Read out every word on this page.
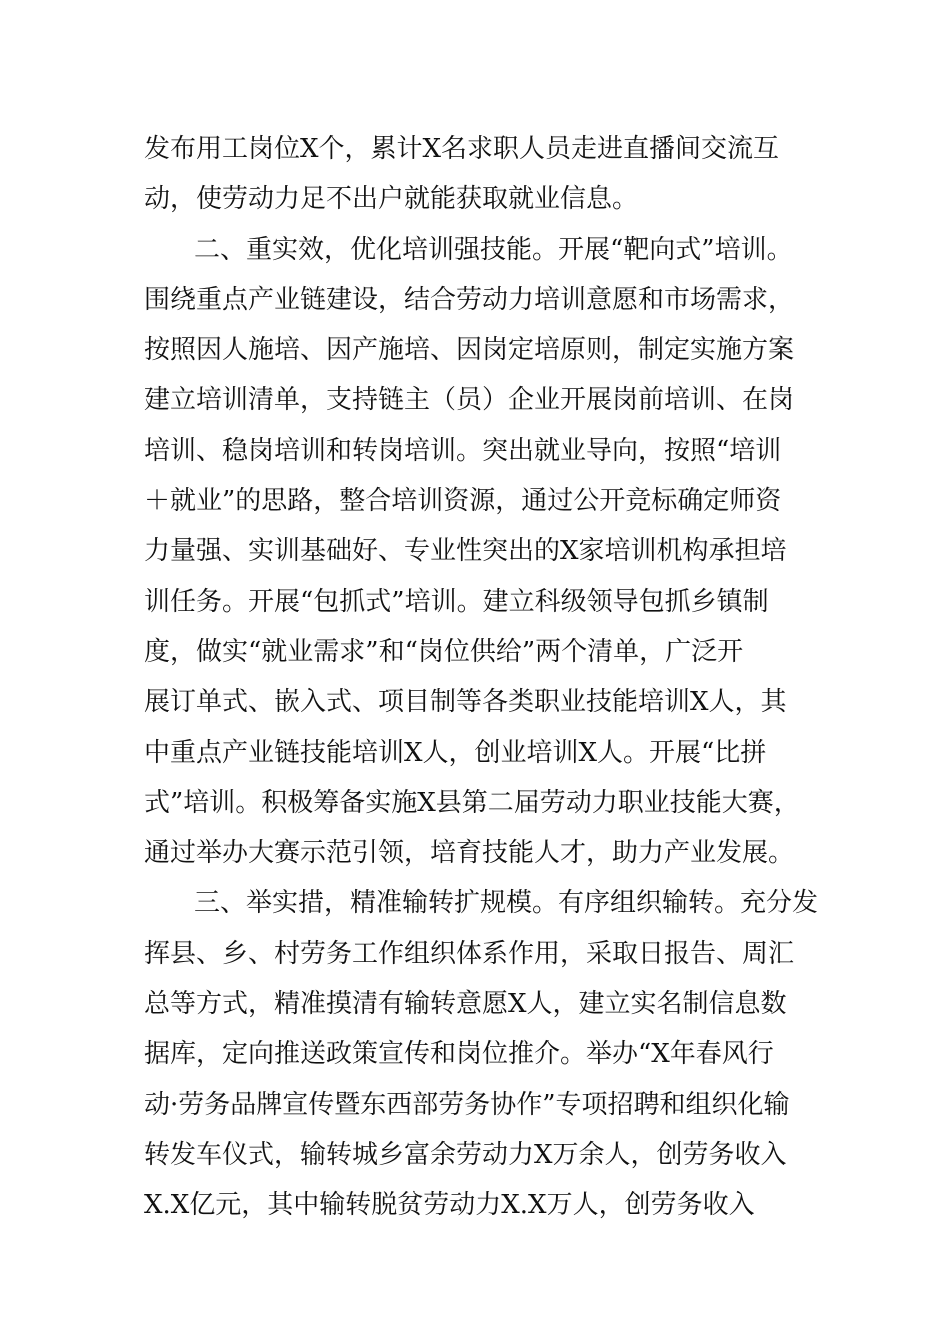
发布用工岗位X个，累计X名求职人员走进直播间交流互
动，使劳动力足不出户就能获取就业信息。
二、重实效，优化培训强技能。开展“靶向式”培训。
围绕重点产业链建设，结合劳动力培训意愿和市场需求，
按照因人施培、因产施培、因岗定培原则，制定实施方案
建立培训清单，支持链主（员）企业开展岗前培训、在岗
培训、稳岗培训和转岗培训。突出就业导向，按照“培训
＋就业”的思路，整合培训资源，通过公开竞标确定师资
力量强、实训基础好、专业性突出的X家培训机构承担培
训任务。开展“包抓式”培训。建立科级领导包抓乡镇制
度，做实“就业需求”和“岗位供给”两个清单，广泛开
展订单式、嵌入式、项目制等各类职业技能培训X人，其
中重点产业链技能培训X人，创业培训X人。开展“比拼
式”培训。积极筹备实施X县第二届劳动力职业技能大赛，
通过举办大赛示范引领，培育技能人才，助力产业发展。
三、举实措，精准输转扩规模。有序组织输转。充分发
挥县、乡、村劳务工作组织体系作用，采取日报告、周汇
总等方式，精准摸清有输转意愿X人，建立实名制信息数
据库，定向推送政策宣传和岗位推介。举办“X年春风行
动·劳务品牌宣传暨东西部劳务协作”专项招聘和组织化输
转发车仪式，输转城乡富余劳动力X万余人，创劳务收入
X.X亿元，其中输转脱贫劳动力X.X万人，创劳务收入
